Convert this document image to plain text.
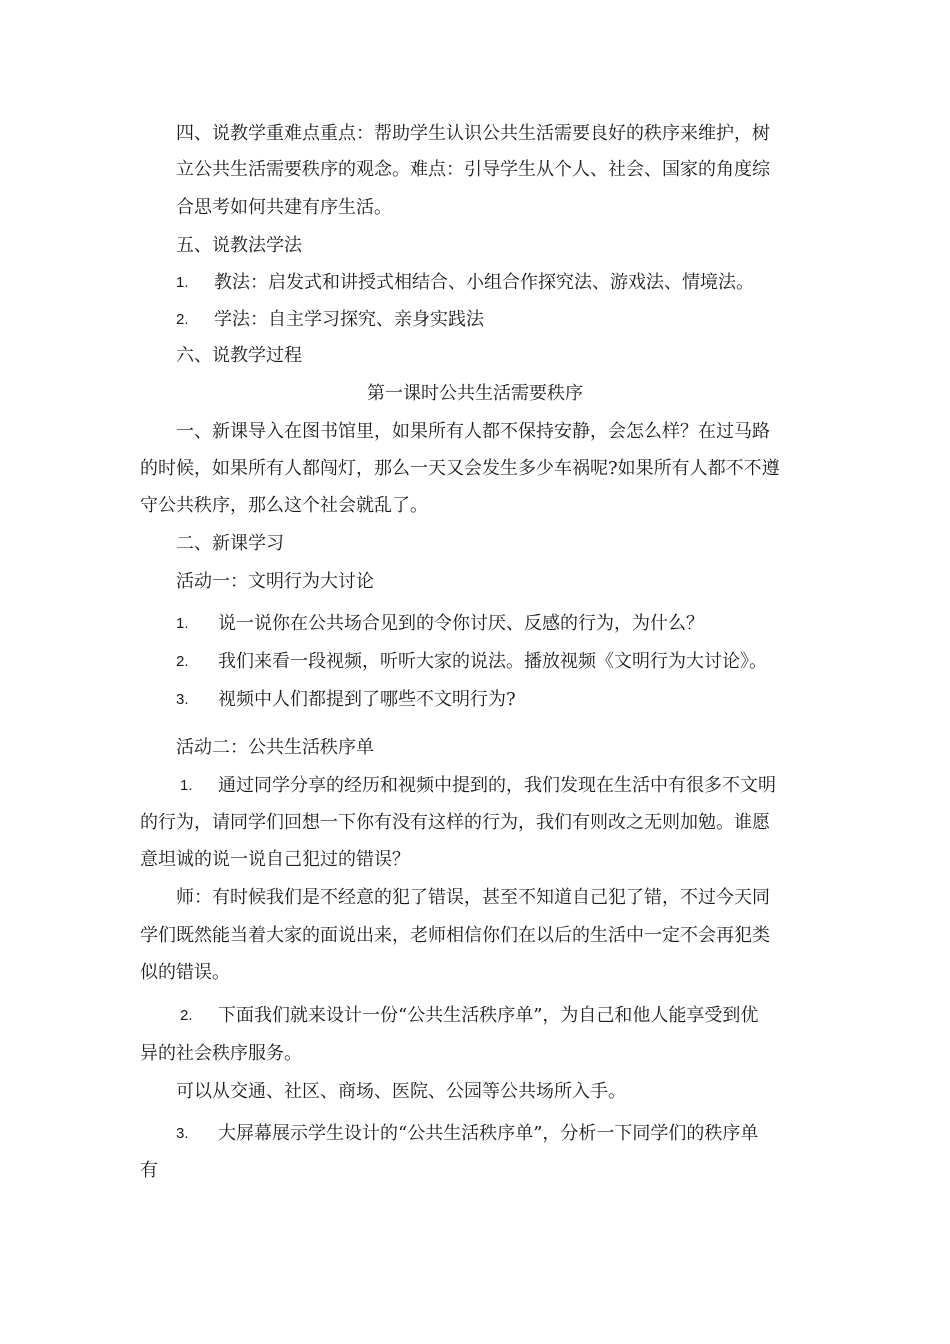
四、说教学重难点重点：帮助学生认识公共生活需要良好的秩序来维护，树
立公共生活需要秩序的观念。难点：引导学生从个人、社会、国家的角度综
合思考如何共建有序生活。
五、说教法学法
1. 教法：启发式和讲授式相结合、小组合作探究法、游戏法、情境法。
2. 学法：自主学习探究、亲身实践法
六、说教学过程
第一课时公共生活需要秩序
一、新课导入在图书馆里，如果所有人都不保持安静，会怎么样？在过马路
的时候，如果所有人都闯灯，那么一天又会发生多少车祸呢?如果所有人都不不遵
守公共秩序，那么这个社会就乱了。
二、新课学习
活动一：文明行为大讨论
1. 说一说你在公共场合见到的令你讨厌、反感的行为，为什么？
2. 我们来看一段视频，听听大家的说法。播放视频《文明行为大讨论》。
3. 视频中人们都提到了哪些不文明行为?
活动二：公共生活秩序单
1. 通过同学分享的经历和视频中提到的，我们发现在生活中有很多不文明
的行为，请同学们回想一下你有没有这样的行为，我们有则改之无则加勉。谁愿
意坦诚的说一说自己犯过的错误？
师：有时候我们是不经意的犯了错误，甚至不知道自己犯了错，不过今天同
学们既然能当着大家的面说出来，老师相信你们在以后的生活中一定不会再犯类
似的错误。
2. 下面我们就来设计一份“公共生活秩序单”，为自己和他人能享受到优
异的社会秩序服务。
可以从交通、社区、商场、医院、公园等公共场所入手。
3. 大屏幕展示学生设计的“公共生活秩序单”，分析一下同学们的秩序单
有
